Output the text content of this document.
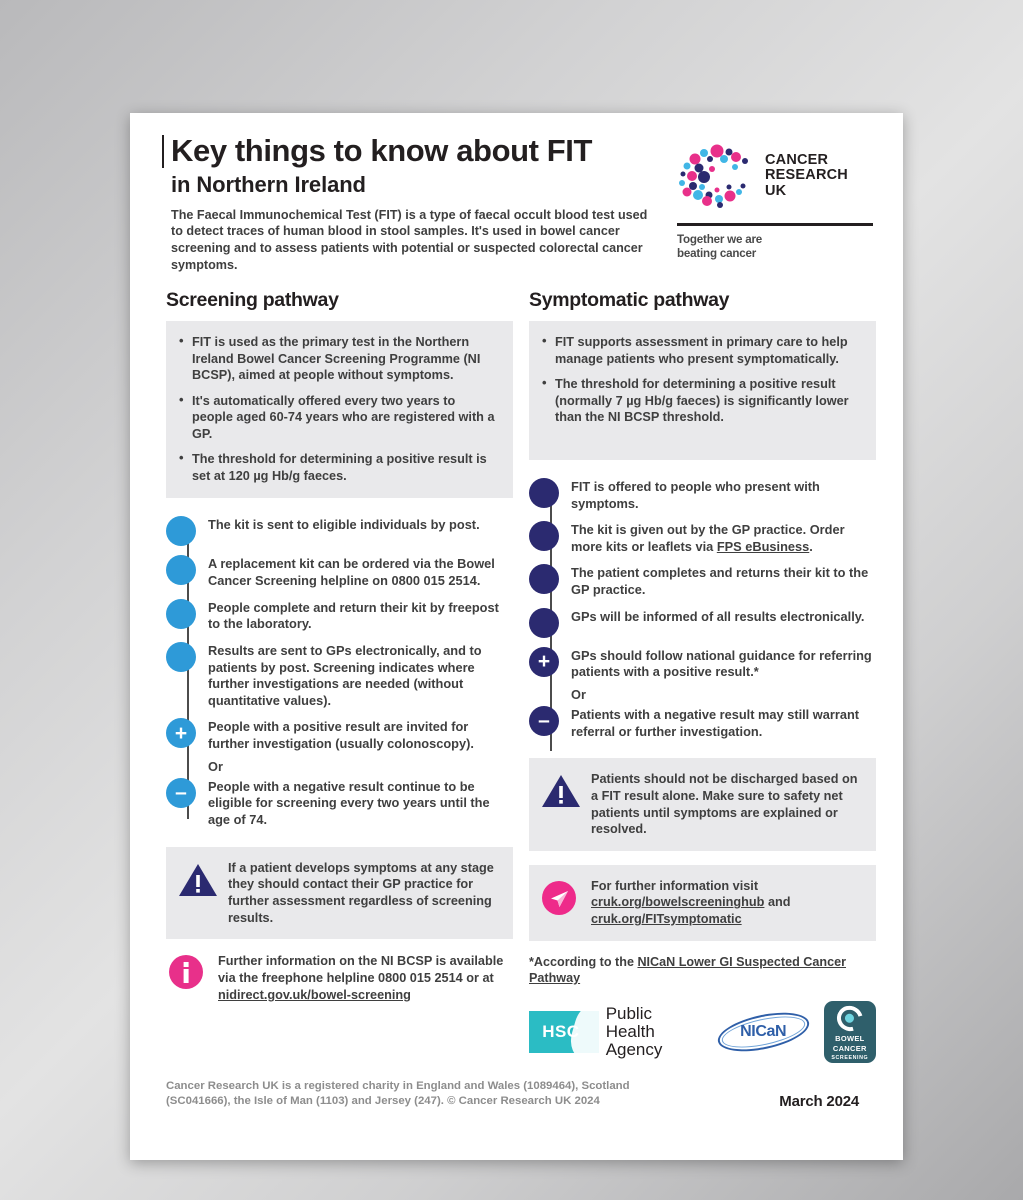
Key things to know about FIT
in Northern Ireland
The Faecal Immunochemical Test (FIT) is a type of faecal occult blood test used to detect traces of human blood in stool samples. It's used in bowel cancer screening and to assess patients with potential or suspected colorectal cancer symptoms.
CANCER
RESEARCH
UK
Together we are
beating cancer
Screening pathway
• FIT is used as the primary test in the Northern Ireland Bowel Cancer Screening Programme (NI BCSP), aimed at people without symptoms.
• It's automatically offered every two years to people aged 60-74 years who are registered with a GP.
• The threshold for determining a positive result is set at 120 µg Hb/g faeces.
The kit is sent to eligible individuals by post.
A replacement kit can be ordered via the Bowel Cancer Screening helpline on 0800 015 2514.
People complete and return their kit by freepost to the laboratory.
Results are sent to GPs electronically, and to patients by post. Screening indicates where further investigations are needed (without quantitative values).
+	People with a positive result are invited for further investigation (usually colonoscopy).
Or
–	People with a negative result continue to be eligible for screening every two years until the age of 74.
If a patient develops symptoms at any stage they should contact their GP practice for further assessment regardless of screening results.
Further information on the NI BCSP is available via the freephone helpline 0800 015 2514 or at nidirect.gov.uk/bowel-screening
Symptomatic pathway
• FIT supports assessment in primary care to help manage patients who present symptomatically.
• The threshold for determining a positive result (normally 7 µg Hb/g faeces) is significantly lower than the NI BCSP threshold.
FIT is offered to people who present with symptoms.
The kit is given out by the GP practice. Order more kits or leaflets via FPS eBusiness.
The patient completes and returns their kit to the GP practice.
GPs will be informed of all results electronically.
+	GPs should follow national guidance for referring patients with a positive result.*
Or
–	Patients with a negative result may still warrant referral or further investigation.
Patients should not be discharged based on a FIT result alone. Make sure to safety net patients until symptoms are explained or resolved.
For further information visit cruk.org/bowelscreeninghub and cruk.org/FITsymptomatic
*According to the NICaN Lower GI Suspected Cancer Pathway
HSC
Public Health
Agency
NICaN	BOWEL
CANCER
SCREENING
Cancer Research UK is a registered charity in England and Wales (1089464), Scotland
(SC041666), the Isle of Man (1103) and Jersey (247). © Cancer Research UK 2024	March 2024
